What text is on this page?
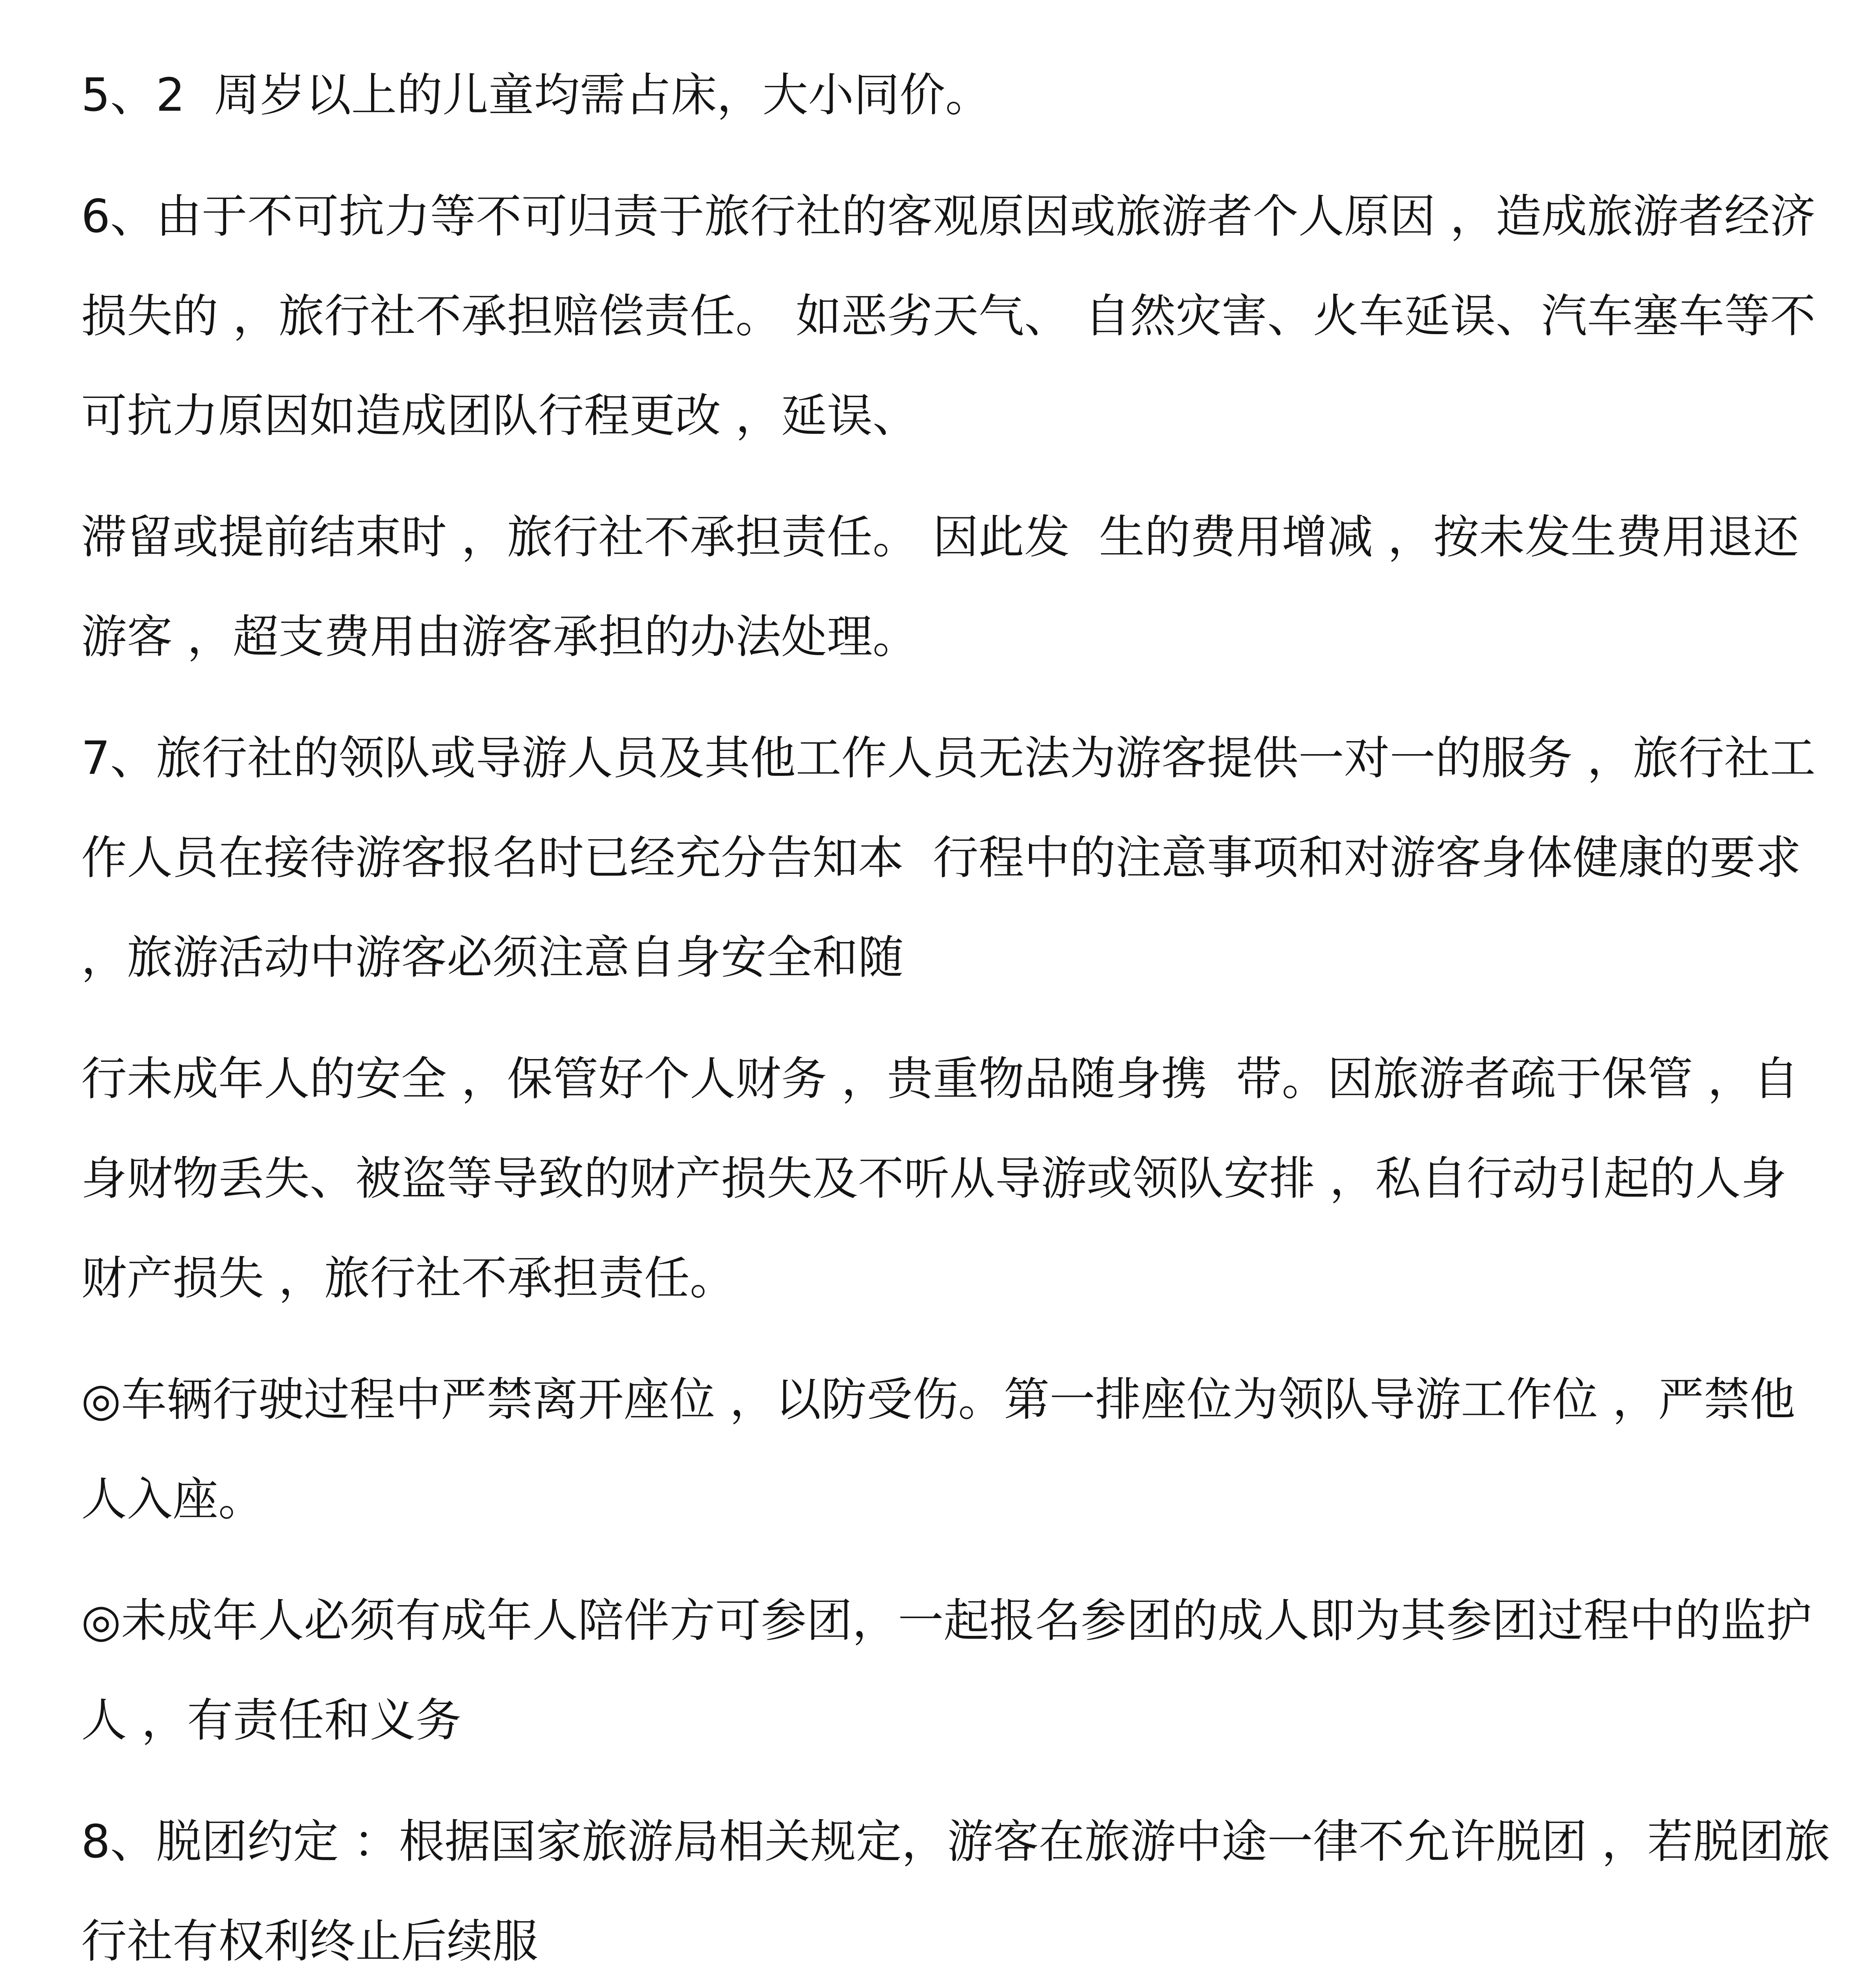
5、2  周岁以上的儿童均需占床，大小同价。

6、由于不可抗力等不可归责于旅行社的客观原因或旅游者个人原因 ，造成旅游者经济损失的 ，旅行社不承担赔偿责任。 如恶劣天气、 自然灾害、火车延误、汽车塞车等不可抗力原因如造成团队行程更改 ，延误、

滞留或提前结束时 ，旅行社不承担责任。 因此发  生的费用增减 ，按未发生费用退还游客 ，超支费用由游客承担的办法处理。

7、旅行社的领队或导游人员及其他工作人员无法为游客提供一对一的服务 ，旅行社工作人员在接待游客报名时已经充分告知本  行程中的注意事项和对游客身体健康的要求 ，旅游活动中游客必须注意自身安全和随

行未成年人的安全 ，保管好个人财务 ，贵重物品随身携  带。因旅游者疏于保管 ，自身财物丢失、被盗等导致的财产损失及不听从导游或领队安排 ，私自行动引起的人身财产损失 ，旅行社不承担责任。

◎车辆行驶过程中严禁离开座位 ，以防受伤。第一排座位为领队导游工作位 ，严禁他人入座。

◎未成年人必须有成年人陪伴方可参团，一起报名参团的成人即为其参团过程中的监护人 ，有责任和义务

8、脱团约定 ：根据国家旅游局相关规定，游客在旅游中途一律不允许脱团 ，若脱团旅行社有权利终止后续服
